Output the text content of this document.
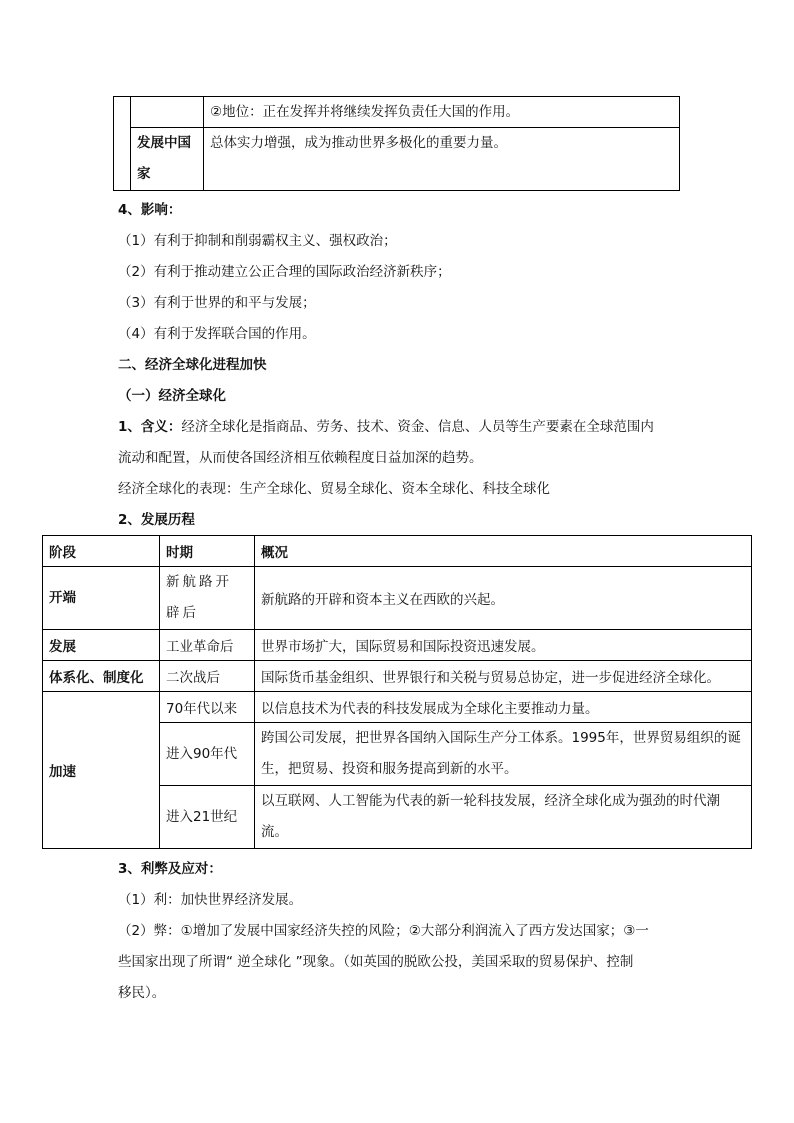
		②地位：正在发挥并将继续发挥负责任大国的作用。
	发展中国家	总体实力增强，成为推动世界多极化的重要力量。
4、影响：
（1）有利于抑制和削弱霸权主义、强权政治；
（2）有利于推动建立公正合理的国际政治经济新秩序；
（3）有利于世界的和平与发展；
（4）有利于发挥联合国的作用。
二、经济全球化进程加快
（一）经济全球化
1、含义：经济全球化是指商品、劳务、技术、资金、信息、人员等生产要素在全球范围内
流动和配置，从而使各国经济相互依赖程度日益加深的趋势。
经济全球化的表现：生产全球化、贸易全球化、资本全球化、科技全球化
2、发展历程
阶段	时期	概况
开端	新航路开辟后	新航路的开辟和资本主义在西欧的兴起。
发展	工业革命后	世界市场扩大，国际贸易和国际投资迅速发展。
体系化、制度化	二次战后	国际货币基金组织、世界银行和关税与贸易总协定，进一步促进经济全球化。
加速	70年代以来	以信息技术为代表的科技发展成为全球化主要推动力量。
	进入90年代	跨国公司发展，把世界各国纳入国际生产分工体系。1995年，世界贸易组织的诞生，把贸易、投资和服务提高到新的水平。
	进入21世纪	以互联网、人工智能为代表的新一轮科技发展，经济全球化成为强劲的时代潮流。
3、利弊及应对：
（1）利：加快世界经济发展。
（2）弊：①增加了发展中国家经济失控的风险；②大部分利润流入了西方发达国家；③一
些国家出现了所谓“ 逆全球化 ”现象。（如英国的脱欧公投，美国采取的贸易保护、控制
移民）。
